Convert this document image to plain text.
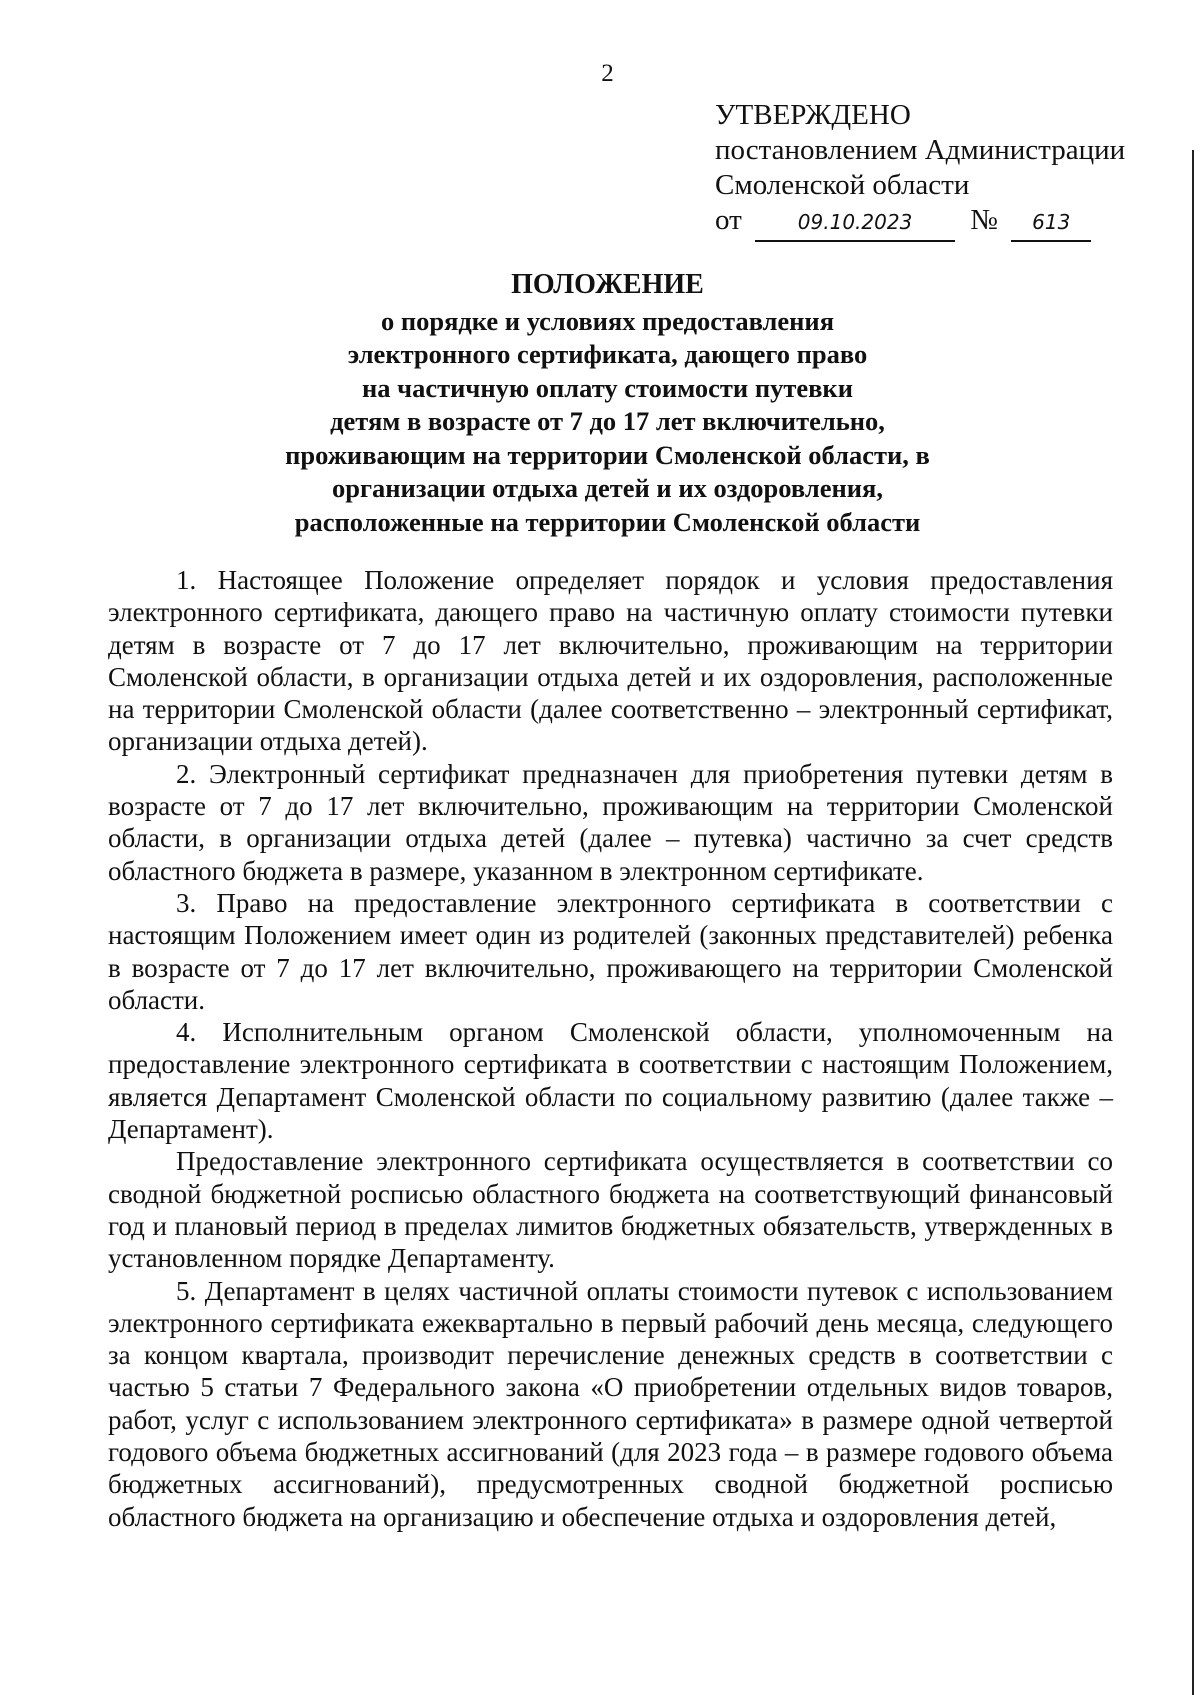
2
УТВЕРЖДЕНО
постановлением Администрации
Смоленской области
от	09.10.2023 № 613
ПОЛОЖЕНИЕ
о порядке и условиях предоставления
электронного сертификата, дающего право
на частичную оплату стоимости путевки
детям в возрасте от 7 до 17 лет включительно,
проживающим на территории Смоленской области, в
организации отдыха детей и их оздоровления,
расположенные на территории Смоленской области

1. Настоящее Положение определяет порядок и условия предоставления электронного сертификата, дающего право на частичную оплату стоимости путевки детям в возрасте от 7 до 17 лет включительно, проживающим на территории Смоленской области, в организации отдыха детей и их оздоровления, расположенные на территории Смоленской области (далее соответственно – электронный сертификат, организации отдыха детей).

2. Электронный сертификат предназначен для приобретения путевки детям в возрасте от 7 до 17 лет включительно, проживающим на территории Смоленской области, в организации отдыха детей (далее – путевка) частично за счет средств областного бюджета в размере, указанном в электронном сертификате.

3. Право на предоставление электронного сертификата в соответствии с настоящим Положением имеет один из родителей (законных представителей) ребенка в возрасте от 7 до 17 лет включительно, проживающего на территории Смоленской области.

4. Исполнительным органом Смоленской области, уполномоченным на предоставление электронного сертификата в соответствии с настоящим Положением, является Департамент Смоленской области по социальному развитию (далее также – Департамент).

Предоставление электронного сертификата осуществляется в соответствии со сводной бюджетной росписью областного бюджета на соответствующий финансовый год и плановый период в пределах лимитов бюджетных обязательств, утвержденных в установленном порядке Департаменту.

5. Департамент в целях частичной оплаты стоимости путевок с использованием электронного сертификата ежеквартально в первый рабочий день месяца, следующего за концом квартала, производит перечисление денежных средств в соответствии с частью 5 статьи 7 Федерального закона «О приобретении отдельных видов товаров, работ, услуг с использованием электронного сертификата» в размере одной четвертой годового объема бюджетных ассигнований (для 2023 года – в размере годового объема бюджетных ассигнований), предусмотренных сводной бюджетной росписью областного бюджета на организацию и обеспечение отдыха и оздоровления детей,
